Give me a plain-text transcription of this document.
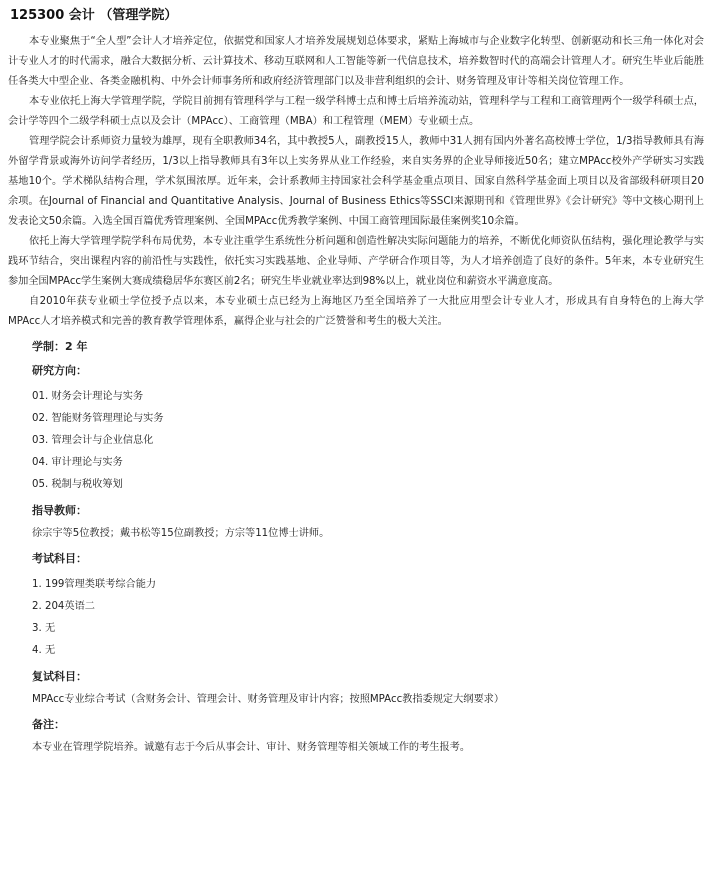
125300 会计 （管理学院）

本专业聚焦于“全人型”会计人才培养定位，依据党和国家人才培养发展规划总体要求，紧贴上海城市与企业数字化转型、创新驱动和长三角一体化对会计专业人才的时代需求，融合大数据分析、云计算技术、移动互联网和人工智能等新一代信息技术，培养数智时代的高端会计管理人才。研究生毕业后能胜任各类大中型企业、各类金融机构、中外会计师事务所和政府经济管理部门以及非营利组织的会计、财务管理及审计等相关岗位管理工作。

本专业依托上海大学管理学院，学院目前拥有管理科学与工程一级学科博士点和博士后培养流动站，管理科学与工程和工商管理两个一级学科硕士点，会计学等四个二级学科硕士点以及会计（MPAcc）、工商管理（MBA）和工程管理（MEM）专业硕士点。

管理学院会计系师资力量较为雄厚，现有全职教师34名，其中教授5人，副教授15人，教师中31人拥有国内外著名高校博士学位，1/3指导教师具有海外留学背景或海外访问学者经历，1/3以上指导教师具有3年以上实务界从业工作经验，来自实务界的企业导师接近50名；建立MPAcc校外产学研实习实践基地10个。学术梯队结构合理，学术氛围浓厚。近年来，会计系教师主持国家社会科学基金重点项目、国家自然科学基金面上项目以及省部级科研项目20余项。在Journal of Financial and Quantitative Analysis、Journal of Business Ethics等SSCI来源期刊和《管理世界》《会计研究》等中文核心期刊上发表论文50余篇。入选全国百篇优秀管理案例、全国MPAcc优秀教学案例、中国工商管理国际最佳案例奖10余篇。

依托上海大学管理学院学科布局优势，本专业注重学生系统性分析问题和创造性解决实际问题能力的培养，不断优化师资队伍结构，强化理论教学与实践环节结合，突出课程内容的前沿性与实践性，依托实习实践基地、企业导师、产学研合作项目等，为人才培养创造了良好的条件。5年来，本专业研究生参加全国MPAcc学生案例大赛成绩稳居华东赛区前2名；研究生毕业就业率达到98%以上，就业岗位和薪资水平满意度高。

自2010年获专业硕士学位授予点以来，本专业硕士点已经为上海地区乃至全国培养了一大批应用型会计专业人才，形成具有自身特色的上海大学MPAcc人才培养模式和完善的教育教学管理体系，赢得企业与社会的广泛赞誉和考生的极大关注。

学制：2 年
研究方向：
01. 财务会计理论与实务
02. 智能财务管理理论与实务
03. 管理会计与企业信息化
04. 审计理论与实务
05. 税制与税收筹划
指导教师：
徐宗宇等5位教授；戴书松等15位副教授；方宗等11位博士讲师。
考试科目：
1. 199管理类联考综合能力
2. 204英语二
3. 无
4. 无
复试科目：
MPAcc专业综合考试（含财务会计、管理会计、财务管理及审计内容；按照MPAcc教指委规定大纲要求）
备注：
本专业在管理学院培养。诚邀有志于今后从事会计、审计、财务管理等相关领域工作的考生报考。
